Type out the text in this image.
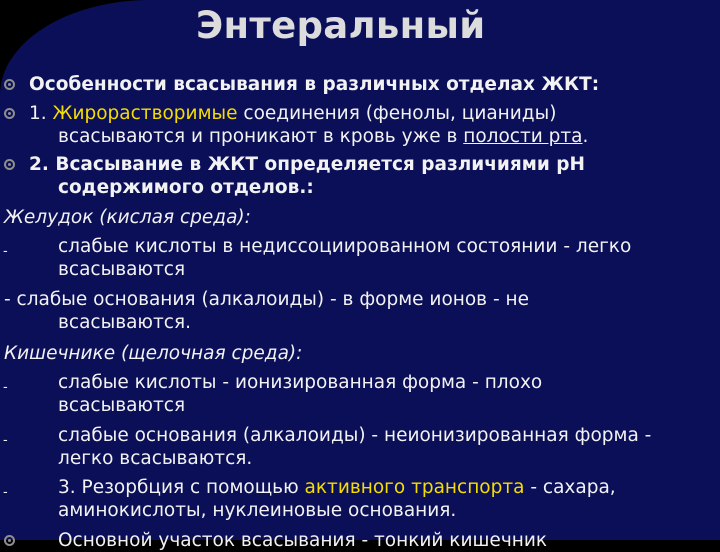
Энтеральный
Особенности всасывания в различных отделах ЖКТ:
1. Жирорастворимые соединения (фенолы, цианиды)
всасываются и проникают в кровь уже в полости рта.
2. Всасывание в ЖКТ определяется различиями рН
содержимого отделов.:
Желудок (кислая среда):
-	слабые кислоты в недиссоциированном состоянии - легко
всасываются
- слабые основания (алкалоиды) - в форме ионов - не
всасываются.
Кишечнике (щелочная среда):
-	слабые кислоты - ионизированная форма - плохо
всасываются
-	слабые основания (алкалоиды) - неионизированная форма -
легко всасываются.
-	3. Резорбция с помощью активного транспорта - сахара,
аминокислоты, нуклеиновые основания.
Основной участок всасывания - тонкий кишечник
